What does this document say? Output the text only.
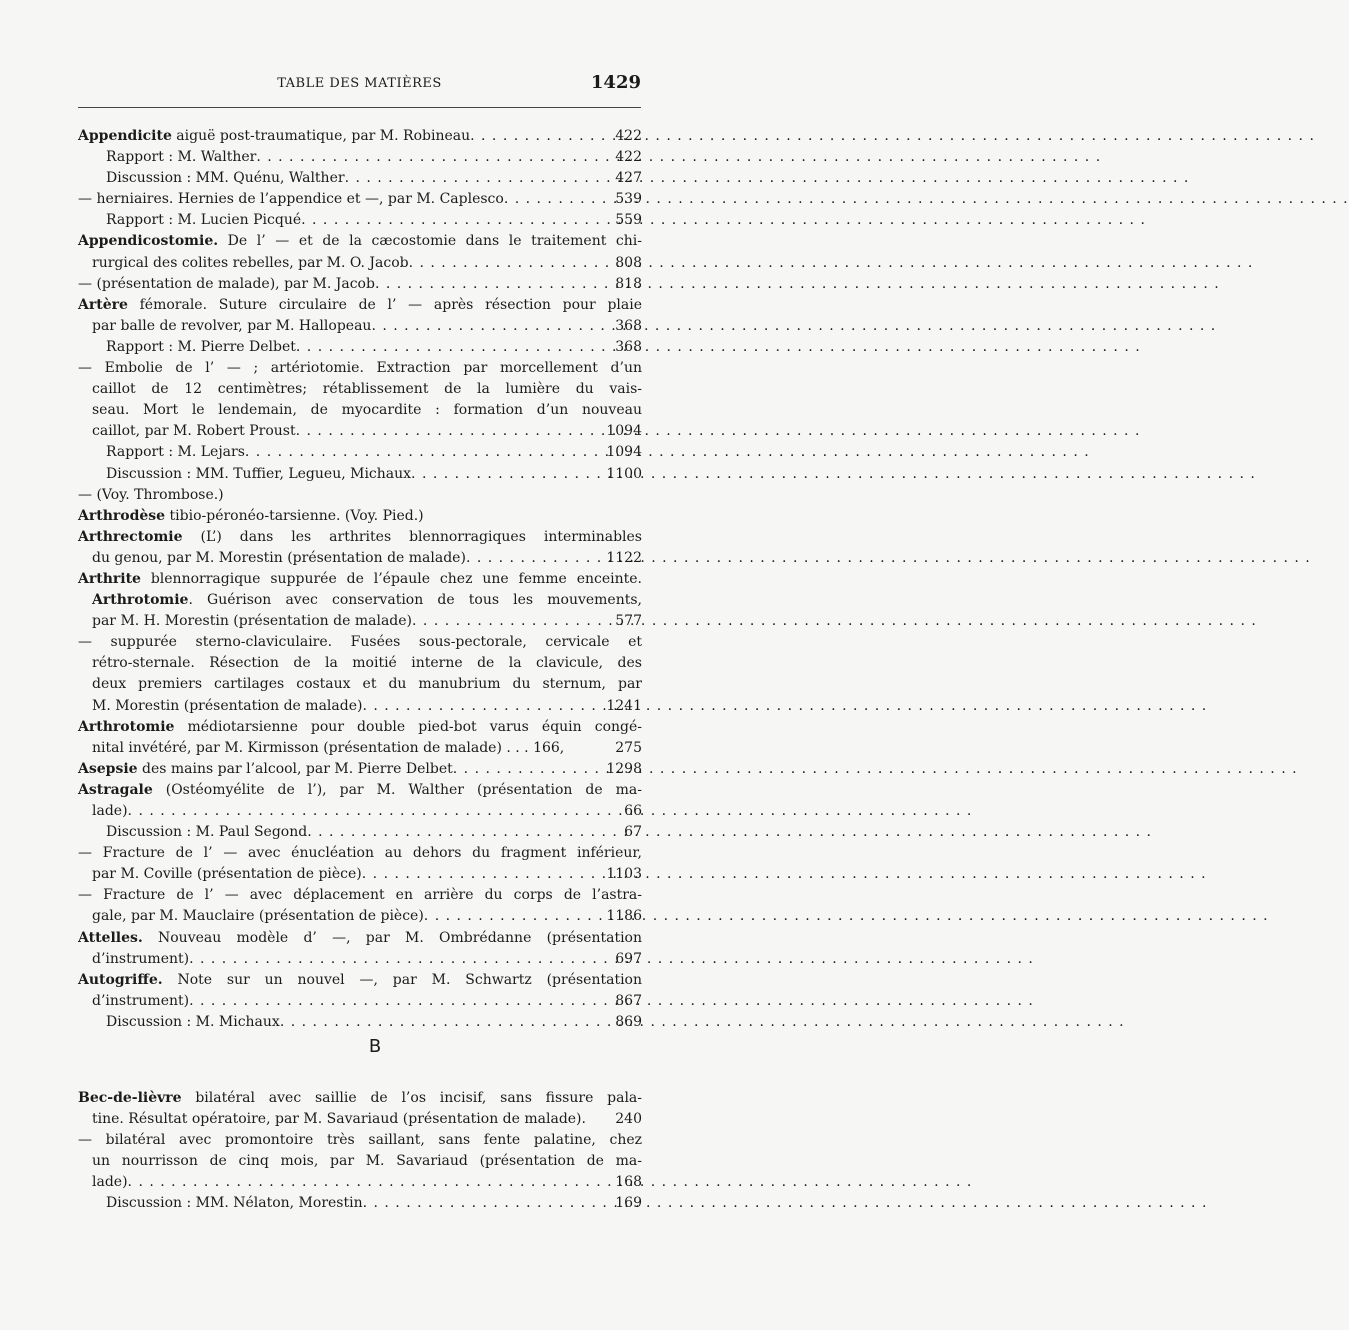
TABLE DES MATIÈRES	1429
Appendicite aiguë post-traumatique, par M. Robineau . . .	422
Rapport : M. Walther . . .	422
Discussion : MM. Quénu, Walther . . .	427
— herniaires. Hernies de l’appendice et —, par M. Caplesco . . .	539
Rapport : M. Lucien Picqué . . .	559
Appendicostomie. De l’ — et de la cæcostomie dans le traitement chi-
rurgical des colites rebelles, par M. O. Jacob . . .	808
— (présentation de malade), par M. Jacob . . .	818
Artère fémorale. Suture circulaire de l’ — après résection pour plaie
par balle de revolver, par M. Hallopeau . . .	368
Rapport : M. Pierre Delbet . . .	368
— Embolie de l’ — ; artériotomie. Extraction par morcellement d’un
caillot de 12 centimètres; rétablissement de la lumière du vais-
seau. Mort le lendemain, de myocardite : formation d’un nouveau
caillot, par M. Robert Proust . . .	1094
Rapport : M. Lejars . . .	1094
Discussion : MM. Tuffier, Legueu, Michaux . . .	1100
— (Voy. Thrombose.)
Arthrodèse tibio-péronéo-tarsienne. (Voy. Pied.)
Arthrectomie (L’) dans les arthrites blennorragiques interminables
du genou, par M. Morestin (présentation de malade) . . .	1122
Arthrite blennorragique suppurée de l’épaule chez une femme enceinte.
Arthrotomie. Guérison avec conservation de tous les mouvements,
par M. H. Morestin (présentation de malade) . . .	577
— suppurée sterno-claviculaire. Fusées sous-pectorale, cervicale et
rétro-sternale. Résection de la moitié interne de la clavicule, des
deux premiers cartilages costaux et du manubrium du sternum, par
M. Morestin (présentation de malade) . . .	1241
Arthrotomie médiotarsienne pour double pied-bot varus équin congé-
nital invétéré, par M. Kirmisson (présentation de malade) . . . 166,	275
Asepsie des mains par l’alcool, par M. Pierre Delbet . . .	1298
Astragale (Ostéomyélite de l’), par M. Walther (présentation de ma-
lade) . . .	66
Discussion : M. Paul Segond . . .	67
— Fracture de l’ — avec énucléation au dehors du fragment inférieur,
par M. Coville (présentation de pièce) . . .	1103
— Fracture de l’ — avec déplacement en arrière du corps de l’astra-
gale, par M. Mauclaire (présentation de pièce) . . .	1186
Attelles. Nouveau modèle d’ —, par M. Ombrédanne (présentation
d’instrument) . . .	697
Autogriffe. Note sur un nouvel —, par M. Schwartz (présentation
d’instrument) . . .	867
Discussion : M. Michaux . . .	869
B
Bec-de-lièvre bilatéral avec saillie de l’os incisif, sans fissure pala-
tine. Résultat opératoire, par M. Savariaud (présentation de malade). 240
— bilatéral avec promontoire très saillant, sans fente palatine, chez
un nourrisson de cinq mois, par M. Savariaud (présentation de ma-
lade) . . .	168
Discussion : MM. Nélaton, Morestin . . .	169
